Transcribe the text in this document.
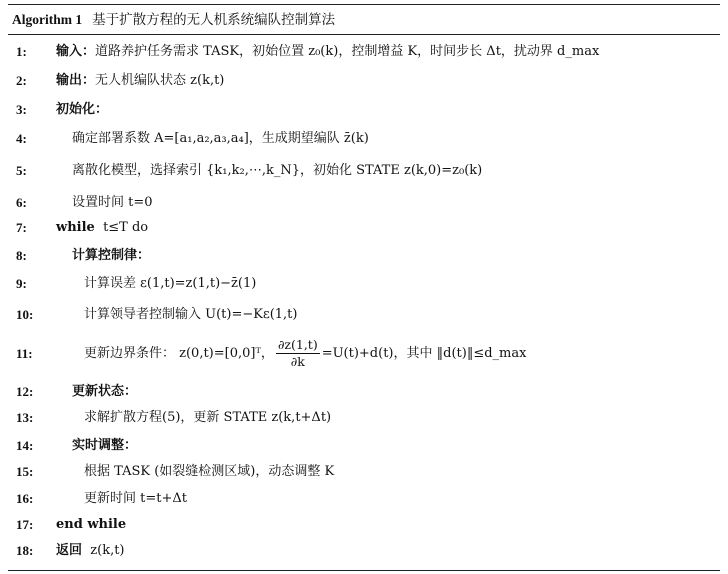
Algorithm 1 基于扩散方程的无人机系统编队控制算法
1:	输入：道路养护任务需求 TASK，初始位置 z₀(k)，控制增益 K，时间步长 Δt，扰动界 d_max
2:	输出：无人机编队状态 z(k,t)
3:	初始化：
4:	确定部署系数 A=[a₁,a₂,a₃,a₄]，生成期望编队 z̄(k)
5:	离散化模型，选择索引 {k₁,k₂,⋯,k_N}，初始化 STATE z(k,0)=z₀(k)
6:	设置时间 t=0
7:	while t≤T do
8:	计算控制律：
9:	计算误差 ε(1,t)=z(1,t)−z̄(1)
10:	计算领导者控制输入 U(t)=−Kε(1,t)
11:	更新边界条件： z(0,t)=[0,0]ᵀ， $\frac{\partial z(1,t)}{\partial k} =U(t)+d(t)$，其中 ‖d(t)‖≤d_max
12:	更新状态：
13:	求解扩散方程(5)，更新 STATE z(k,t+Δt)
14:	实时调整：
15:	根据 TASK (如裂缝检测区域)，动态调整 K
16:	更新时间 t=t+Δt
17:	end while
18:	返回 z(k,t)
